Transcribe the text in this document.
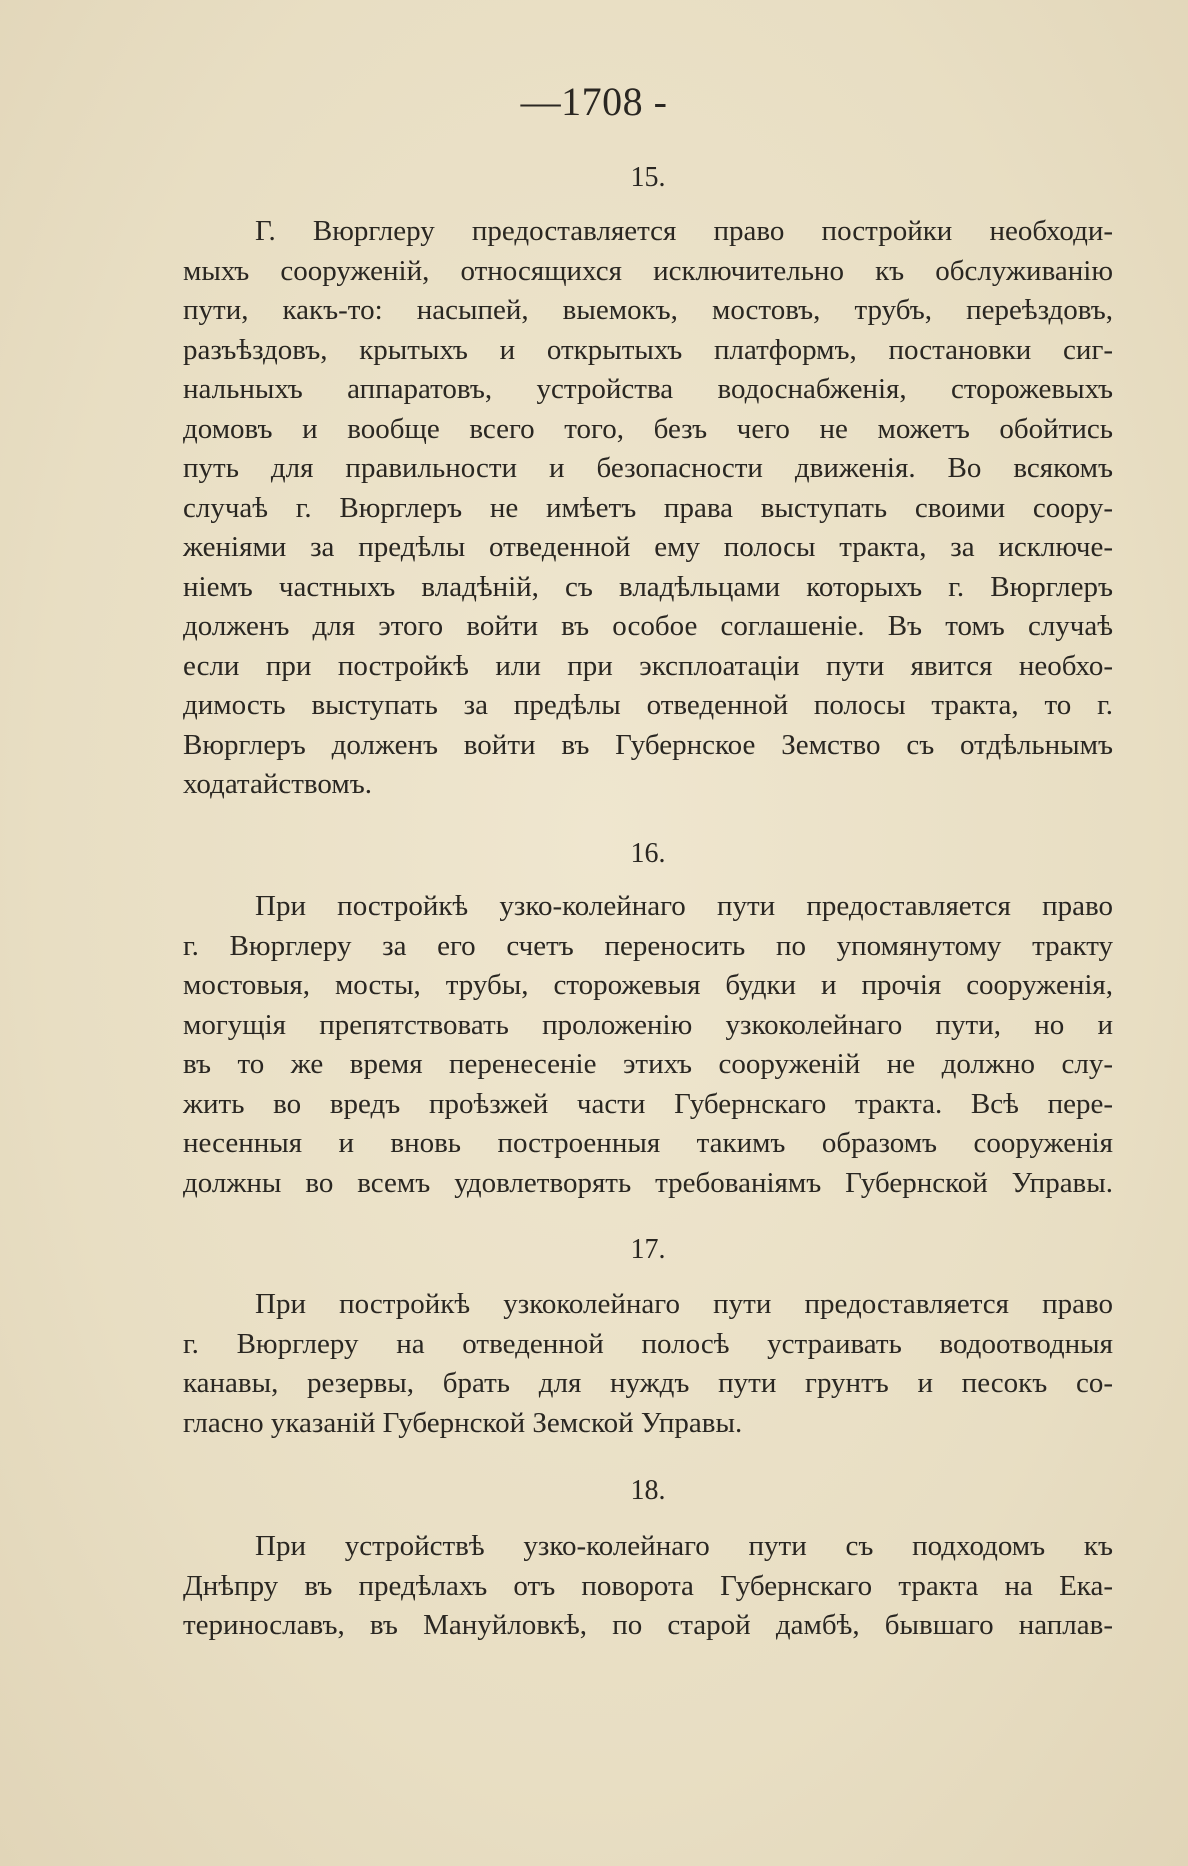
—1708 -
15.
Г. Вюрглеру предоставляется право постройки необходи-
мыхъ сооруженій, относящихся исключительно къ обслуживанію
пути, какъ-то: насыпей, выемокъ, мостовъ, трубъ, переѣздовъ,
разъѣздовъ, крытыхъ и открытыхъ платформъ, постановки сиг-
нальныхъ аппаратовъ, устройства водоснабженія, сторожевыхъ
домовъ и вообще всего того, безъ чего не можетъ обойтись
путь для правильности и безопасности движенія. Во всякомъ
случаѣ г. Вюрглеръ не имѣетъ права выступать своими соору-
женіями за предѣлы отведенной ему полосы тракта, за исключе-
ніемъ частныхъ владѣній, съ владѣльцами которыхъ г. Вюрглеръ
долженъ для этого войти въ особое соглашеніе. Въ томъ случаѣ
если при постройкѣ или при эксплоатаціи пути явится необхо-
димость выступать за предѣлы отведенной полосы тракта, то г.
Вюрглеръ долженъ войти въ Губернское Земство съ отдѣльнымъ
ходатайствомъ.
16.
При постройкѣ узко-колейнаго пути предоставляется право
г. Вюрглеру за его счетъ переносить по упомянутому тракту
мостовыя, мосты, трубы, сторожевыя будки и прочія сооруженія,
могущія препятствовать проложенію узкоколейнаго пути, но и
въ то же время перенесеніе этихъ сооруженій не должно слу-
жить во вредъ проѣзжей части Губернскаго тракта. Всѣ пере-
несенныя и вновь построенныя такимъ образомъ сооруженія
должны во всемъ удовлетворять требованіямъ Губернской Управы.
17.
При постройкѣ узкоколейнаго пути предоставляется право
г. Вюрглеру на отведенной полосѣ устраивать водоотводныя
канавы, резервы, брать для нуждъ пути грунтъ и песокъ со-
гласно указаній Губернской Земской Управы.
18.
При устройствѣ узко-колейнаго пути съ подходомъ къ
Днѣпру въ предѣлахъ отъ поворота Губернскаго тракта на Ека-
теринославъ, въ Мануйловкѣ, по старой дамбѣ, бывшаго наплав-
